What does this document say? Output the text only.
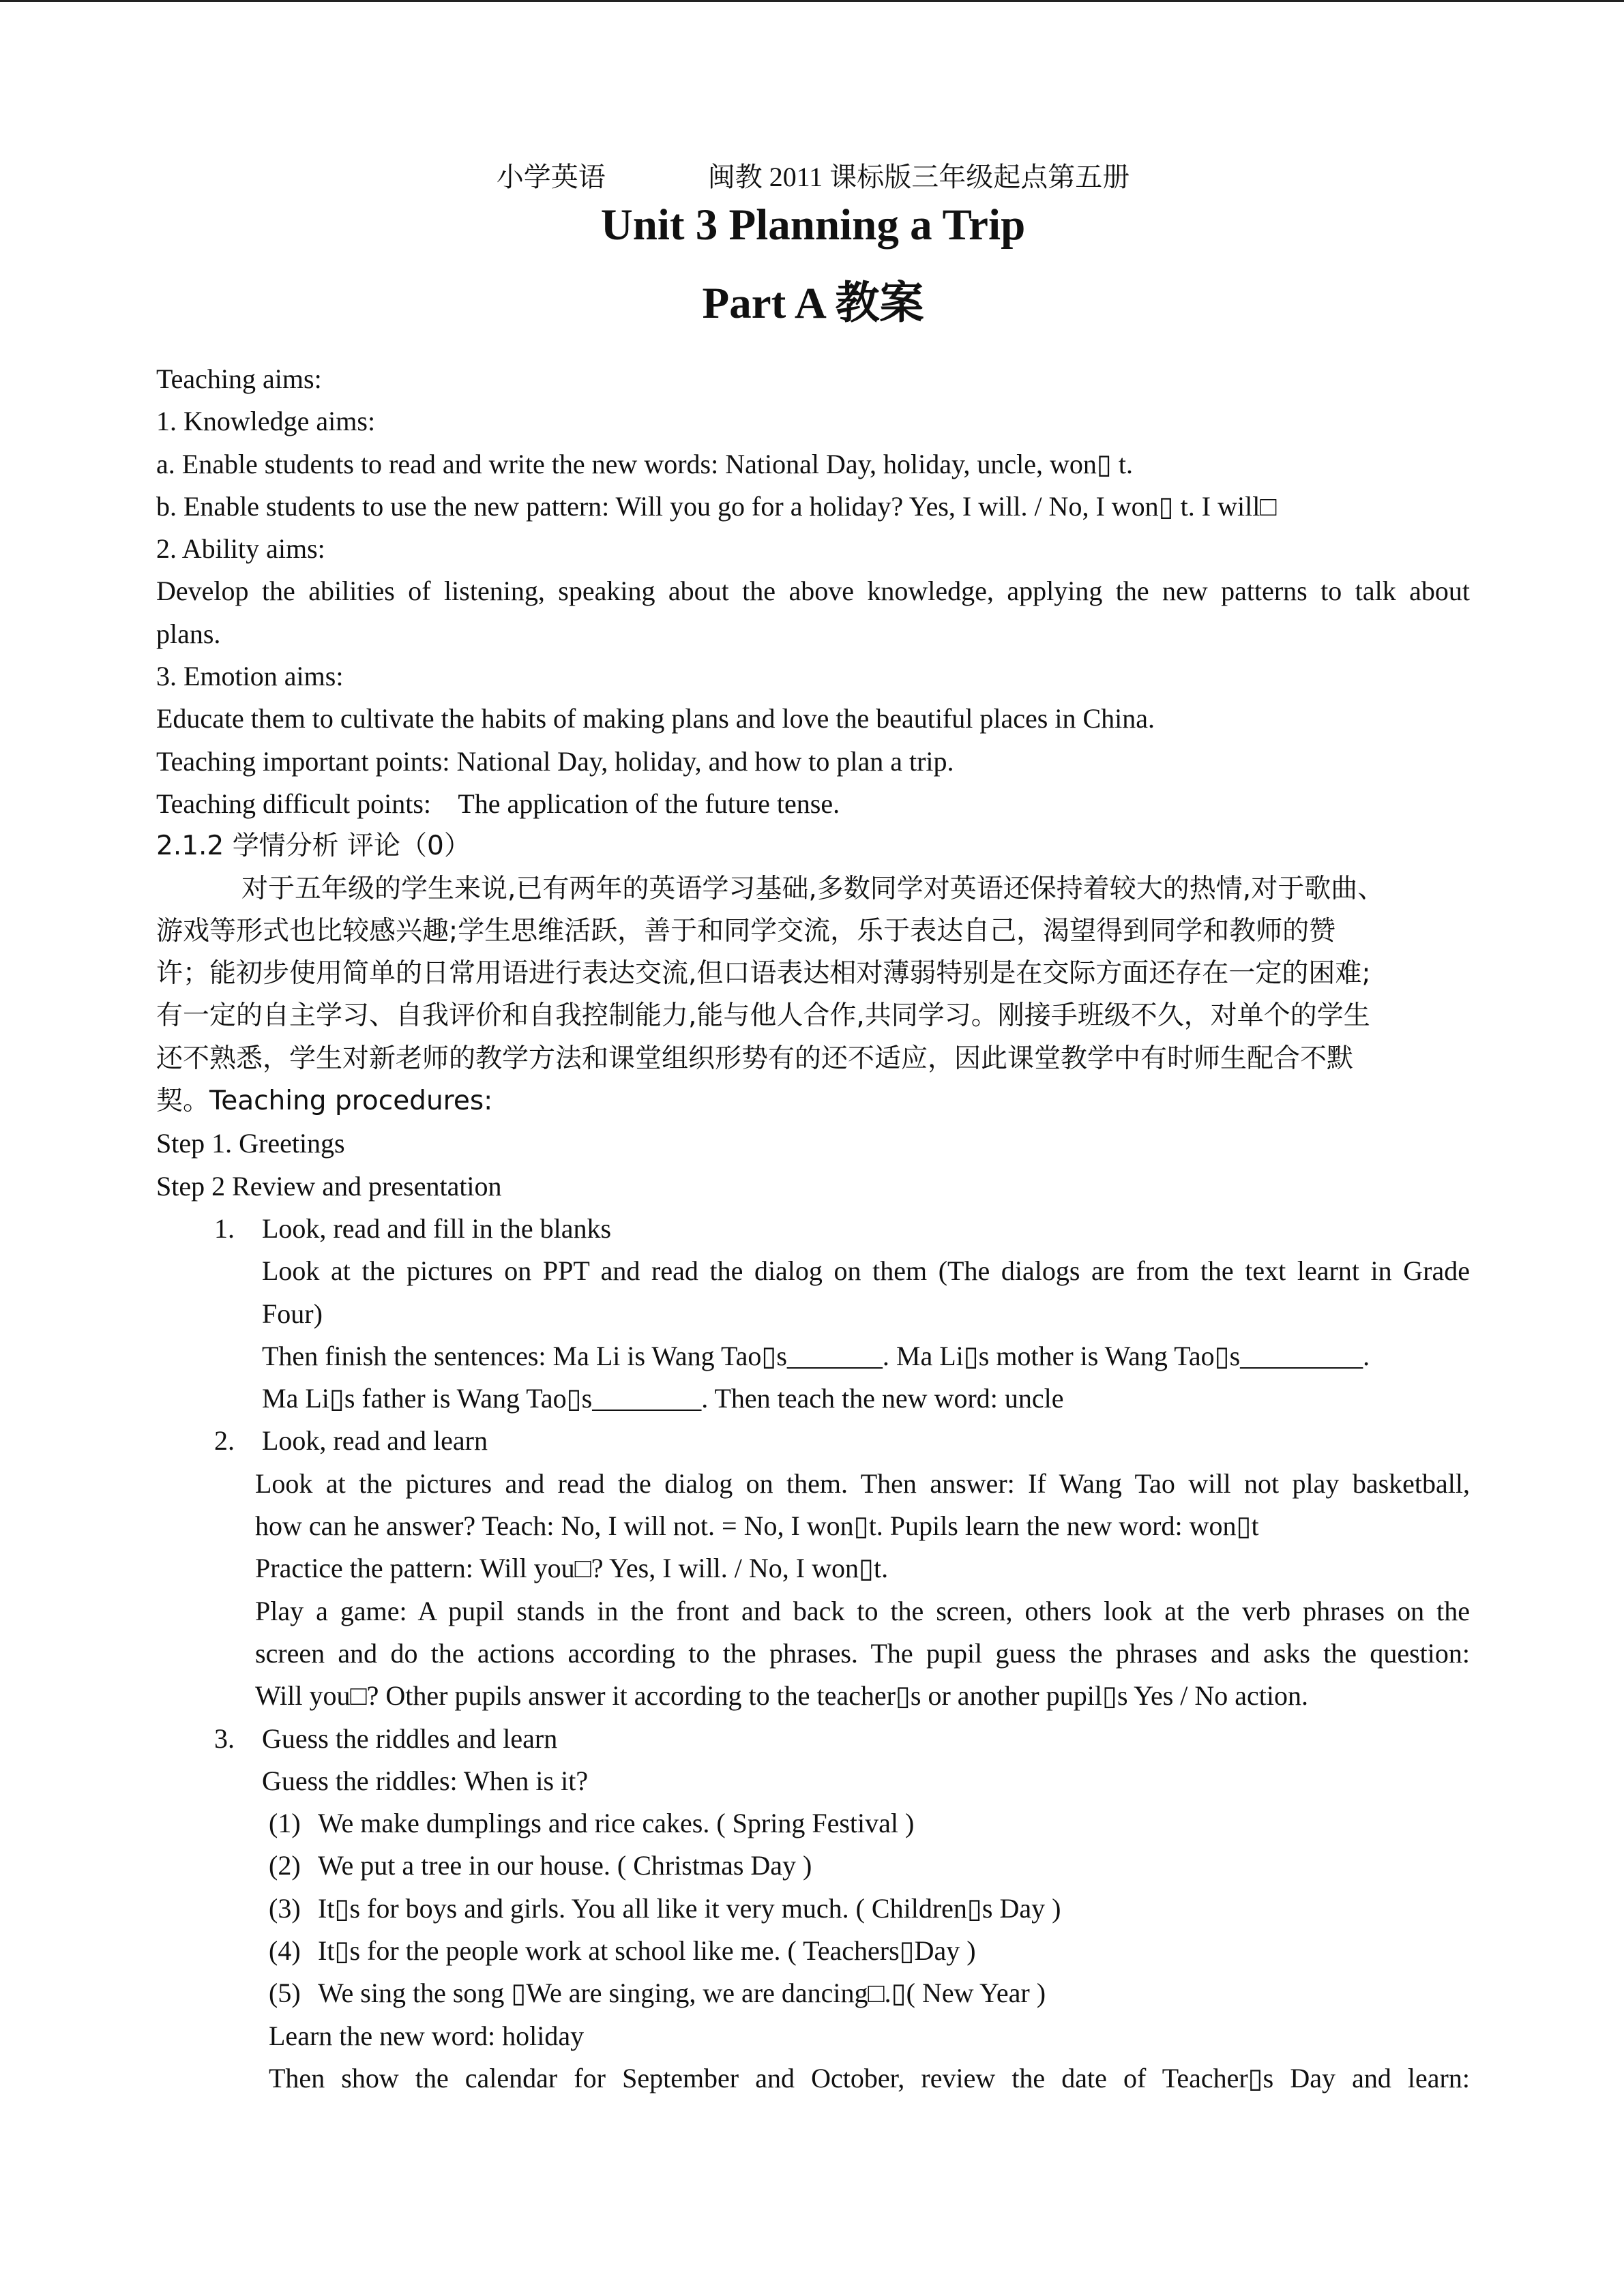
小学英语	闽教 2011 课标版三年级起点第五册
Unit 3 Planning a Trip
Part A 教案
Teaching aims:
1. Knowledge aims:
a. Enable students to read and write the new words: National Day, holiday, uncle, won▯ t.
b. Enable students to use the new pattern: Will you go for a holiday? Yes, I will. / No, I won▯ t. I will□
2. Ability aims:
Develop the abilities of listening, speaking about the above knowledge, applying the new patterns to talk about
plans.
3. Emotion aims:
Educate them to cultivate the habits of making plans and love the beautiful places in China.
Teaching important points: National Day, holiday, and how to plan a trip.
Teaching difficult points:    The application of the future tense.
2.1.2 学情分析 评论（0）
对于五年级的学生来说,已有两年的英语学习基础,多数同学对英语还保持着较大的热情,对于歌曲、
游戏等形式也比较感兴趣;学生思维活跃，善于和同学交流，乐于表达自己，渴望得到同学和教师的赞
许；能初步使用简单的日常用语进行表达交流,但口语表达相对薄弱特别是在交际方面还存在一定的困难;
有一定的自主学习、自我评价和自我控制能力,能与他人合作,共同学习。刚接手班级不久，对单个的学生
还不熟悉，学生对新老师的教学方法和课堂组织形势有的还不适应，因此课堂教学中有时师生配合不默
契。Teaching procedures:
Step 1. Greetings
Step 2 Review and presentation
1. Look, read and fill in the blanks
Look at the pictures on PPT and read the dialog on them (The dialogs are from the text learnt in Grade
Four)
Then finish the sentences: Ma Li is Wang Tao▯s_______. Ma Li▯s mother is Wang Tao▯s_________.
Ma Li▯s father is Wang Tao▯s________. Then teach the new word: uncle
2. Look, read and learn
Look at the pictures and read the dialog on them. Then answer: If Wang Tao will not play basketball,
how can he answer? Teach: No, I will not. = No, I won▯t. Pupils learn the new word: won▯t
Practice the pattern: Will you□? Yes, I will. / No, I won▯t.
Play a game: A pupil stands in the front and back to the screen, others look at the verb phrases on the
screen and do the actions according to the phrases. The pupil guess the phrases and asks the question:
Will you□? Other pupils answer it according to the teacher▯s or another pupil▯s Yes / No action.
3. Guess the riddles and learn
Guess the riddles: When is it?
(1) We make dumplings and rice cakes. ( Spring Festival )
(2) We put a tree in our house. ( Christmas Day )
(3) It▯s for boys and girls. You all like it very much. ( Children▯s Day )
(4) It▯s for the people work at school like me. ( Teachers▯Day )
(5) We sing the song ▯We are singing, we are dancing□.▯( New Year )
Learn the new word: holiday
Then show the calendar for September and October, review the date of Teacher▯s Day and learn:
